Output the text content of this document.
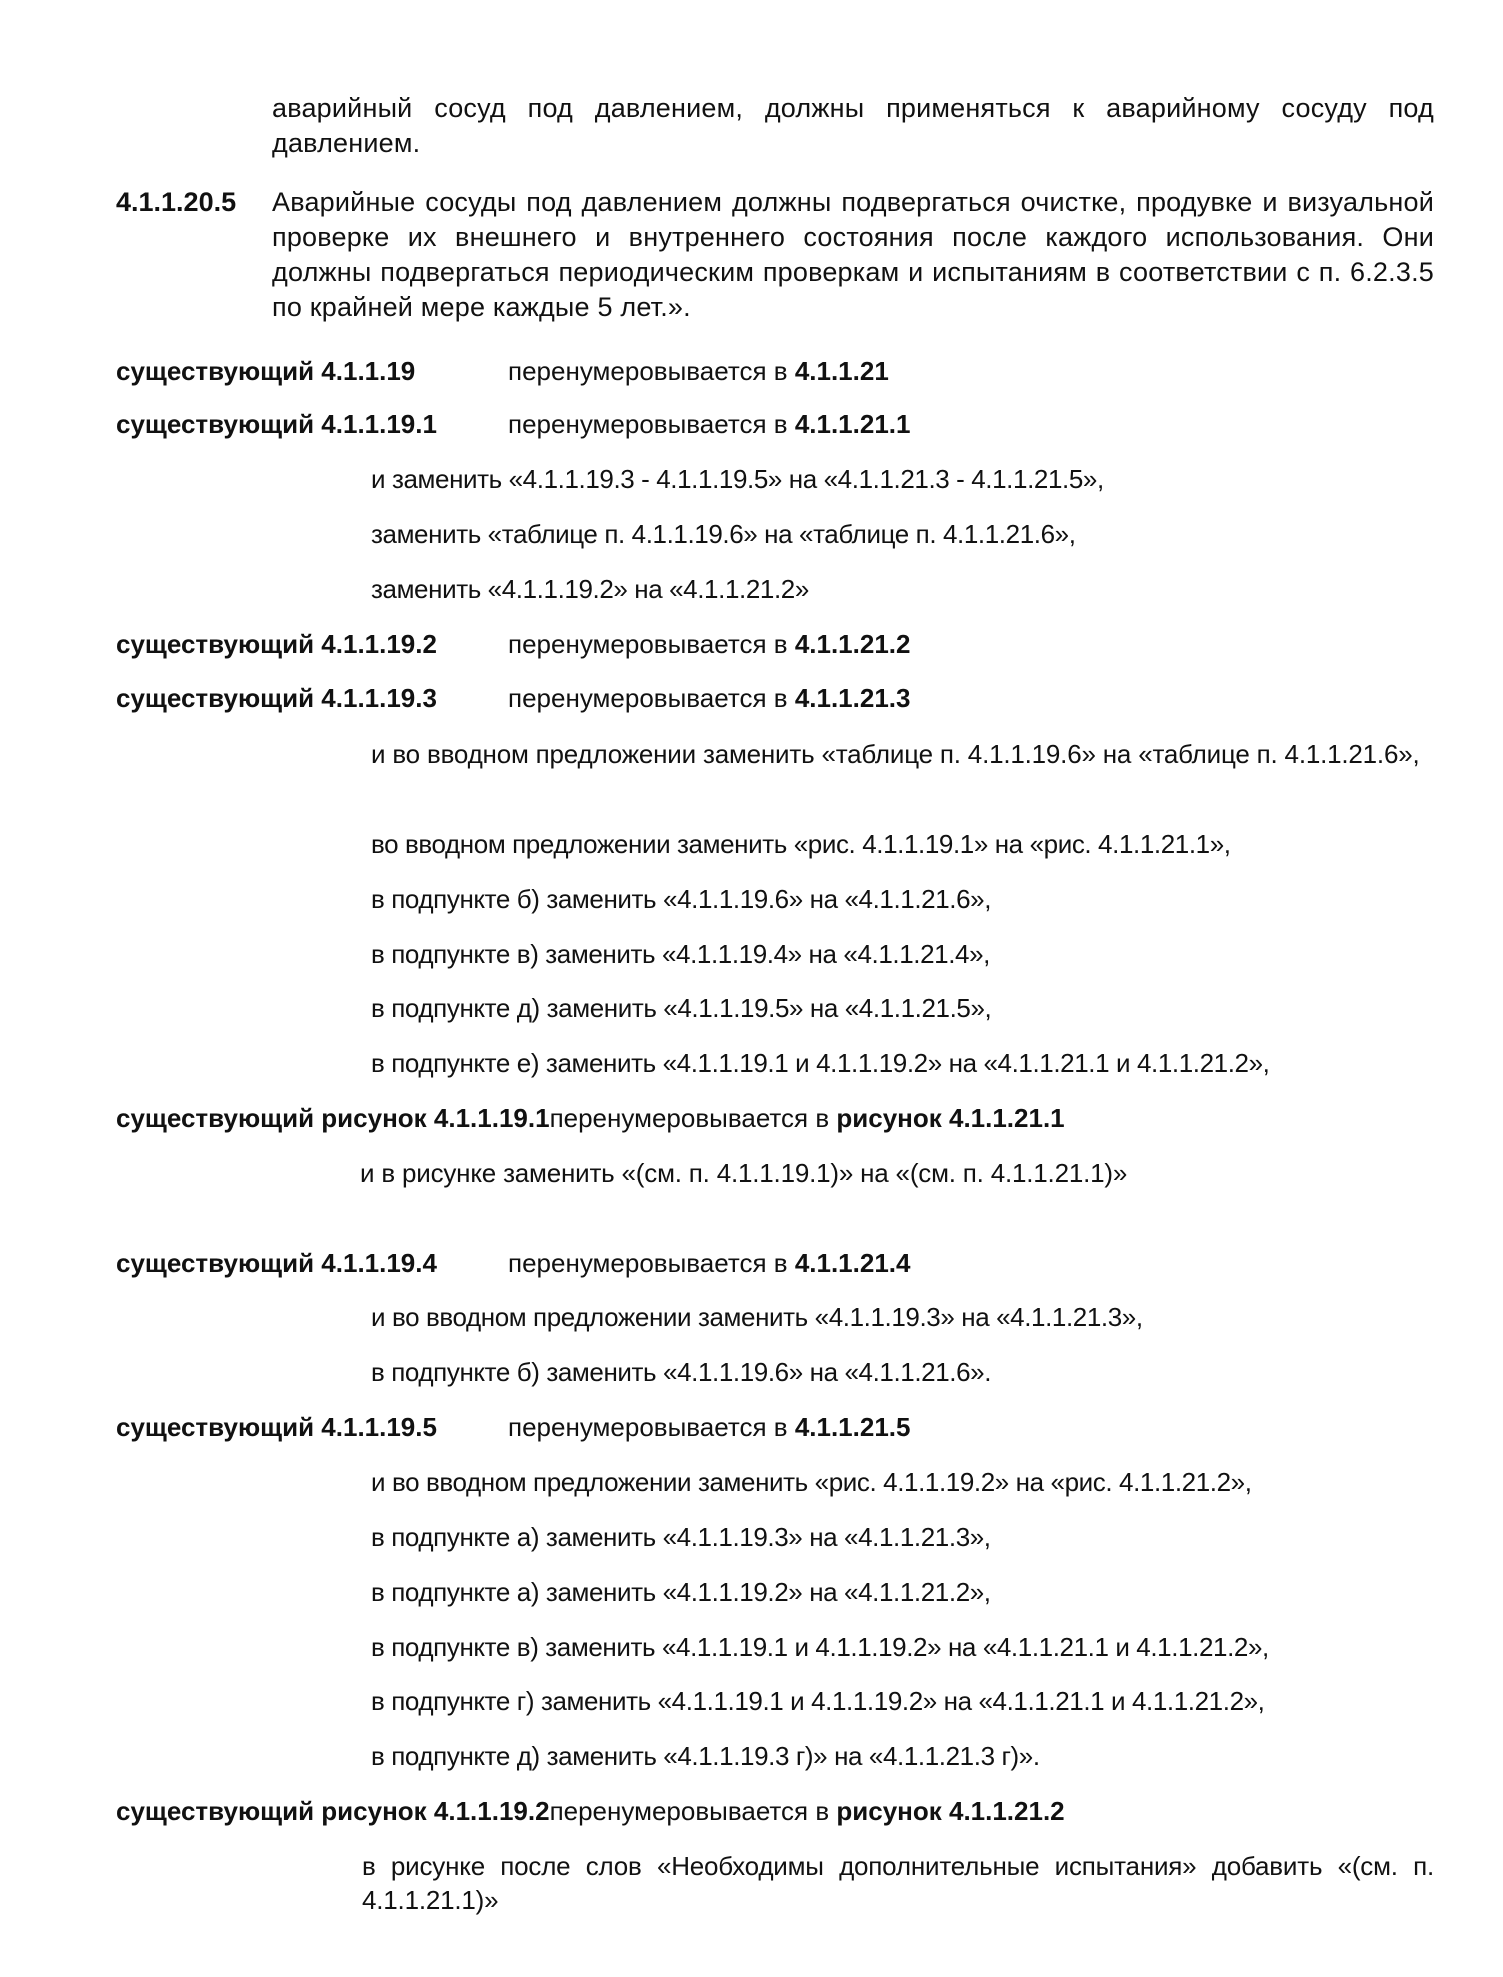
аварийный сосуд под давлением, должны применяться к аварийному сосуду под давлением.
4.1.1.20.5 Аварийные сосуды под давлением должны подвергаться очистке, продувке и визуальной проверке их внешнего и внутреннего состояния после каждого использования. Они должны подвергаться периодическим проверкам и испытаниям в соответствии с п. 6.2.3.5 по крайней мере каждые 5 лет.».
существующий 4.1.1.19	перенумеровывается в 4.1.1.21
существующий 4.1.1.19.1	перенумеровывается в 4.1.1.21.1
и заменить «4.1.1.19.3 - 4.1.1.19.5» на «4.1.1.21.3 - 4.1.1.21.5»,
заменить «таблице п. 4.1.1.19.6» на «таблице п. 4.1.1.21.6»,
заменить «4.1.1.19.2» на «4.1.1.21.2»
существующий 4.1.1.19.2	перенумеровывается в 4.1.1.21.2
существующий 4.1.1.19.3	перенумеровывается в 4.1.1.21.3
и во вводном предложении заменить «таблице п. 4.1.1.19.6» на «таблице п. 4.1.1.21.6»,
во вводном предложении заменить «рис. 4.1.1.19.1» на «рис. 4.1.1.21.1»,
в подпункте б) заменить «4.1.1.19.6» на «4.1.1.21.6»,
в подпункте в) заменить «4.1.1.19.4» на «4.1.1.21.4»,
в подпункте д) заменить «4.1.1.19.5» на «4.1.1.21.5»,
в подпункте е) заменить «4.1.1.19.1 и 4.1.1.19.2» на «4.1.1.21.1 и 4.1.1.21.2»,
существующий рисунок 4.1.1.19.1перенумеровывается в рисунок 4.1.1.21.1
и в рисунке заменить «(см. п. 4.1.1.19.1)» на «(см. п. 4.1.1.21.1)»
существующий 4.1.1.19.4	перенумеровывается в 4.1.1.21.4
и во вводном предложении заменить «4.1.1.19.3» на «4.1.1.21.3»,
в подпункте б) заменить «4.1.1.19.6» на «4.1.1.21.6».
существующий 4.1.1.19.5	перенумеровывается в 4.1.1.21.5
и во вводном предложении заменить «рис. 4.1.1.19.2» на «рис. 4.1.1.21.2»,
в подпункте а) заменить «4.1.1.19.3» на «4.1.1.21.3»,
в подпункте а) заменить «4.1.1.19.2» на «4.1.1.21.2»,
в подпункте в) заменить «4.1.1.19.1 и 4.1.1.19.2» на «4.1.1.21.1 и 4.1.1.21.2»,
в подпункте г) заменить «4.1.1.19.1 и 4.1.1.19.2» на «4.1.1.21.1 и 4.1.1.21.2»,
в подпункте д) заменить «4.1.1.19.3 г)» на «4.1.1.21.3 г)».
существующий рисунок 4.1.1.19.2перенумеровывается в рисунок 4.1.1.21.2
в рисунке после слов «Необходимы дополнительные испытания» добавить «(см. п. 4.1.1.21.1)»
